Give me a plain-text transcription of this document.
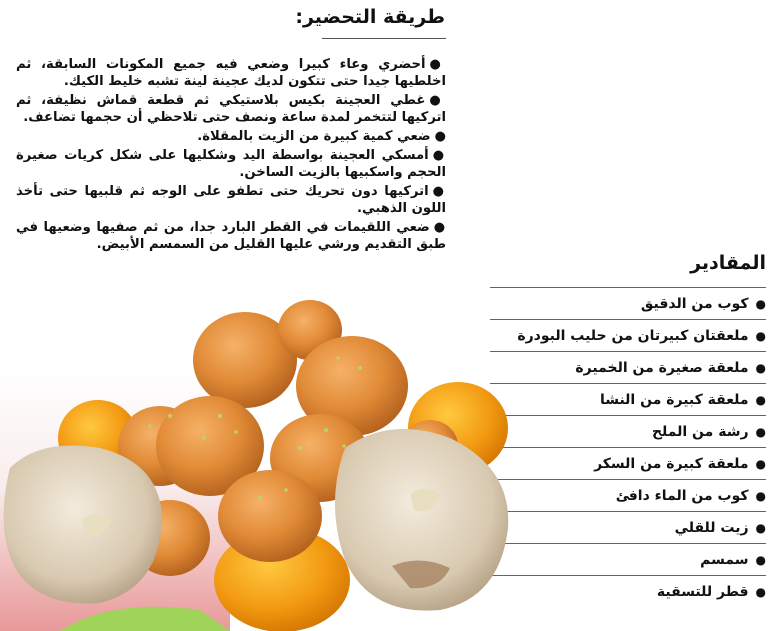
طريقة التحضير:
●أحضري وعاء كبيرا وضعي فيه جميع المكونات السابقة، ثم اخلطيها جيدا حتى تتكون لديك عجينة لينة تشبه خليط الكيك.
●غطي العجينة بكيس بلاستيكي ثم قطعة قماش نظيفة، ثم اتركيها لتتخمر لمدة ساعة ونصف حتى تلاحظي أن حجمها تضاعف.
●ضعي كمية كبيرة من الزيت بالمقلاة.
●أمسكي العجينة بواسطة اليد وشكليها على شكل كريات صغيرة الحجم واسكبيها بالزيت الساخن.
●اتركيها دون تحريك حتى تطفو على الوجه ثم قلبيها حتى تأخذ اللون الذهبي.
●ضعي اللقيمات في القطر البارد جدا، من ثم صفيها وضعيها في طبق التقديم ورشي عليها القليل من السمسم الأبيض.
المقادير
●
كوب من الدقيق
●
ملعقتان كبيرتان من حليب البودرة
●
ملعقة صغيرة من الخميرة
●
ملعقة كبيرة من النشا
●
رشة من الملح
●
ملعقة كبيرة من السكر
●
كوب من الماء دافئ
●
زيت للقلي
●
سمسم
●
قطر للتسقية
